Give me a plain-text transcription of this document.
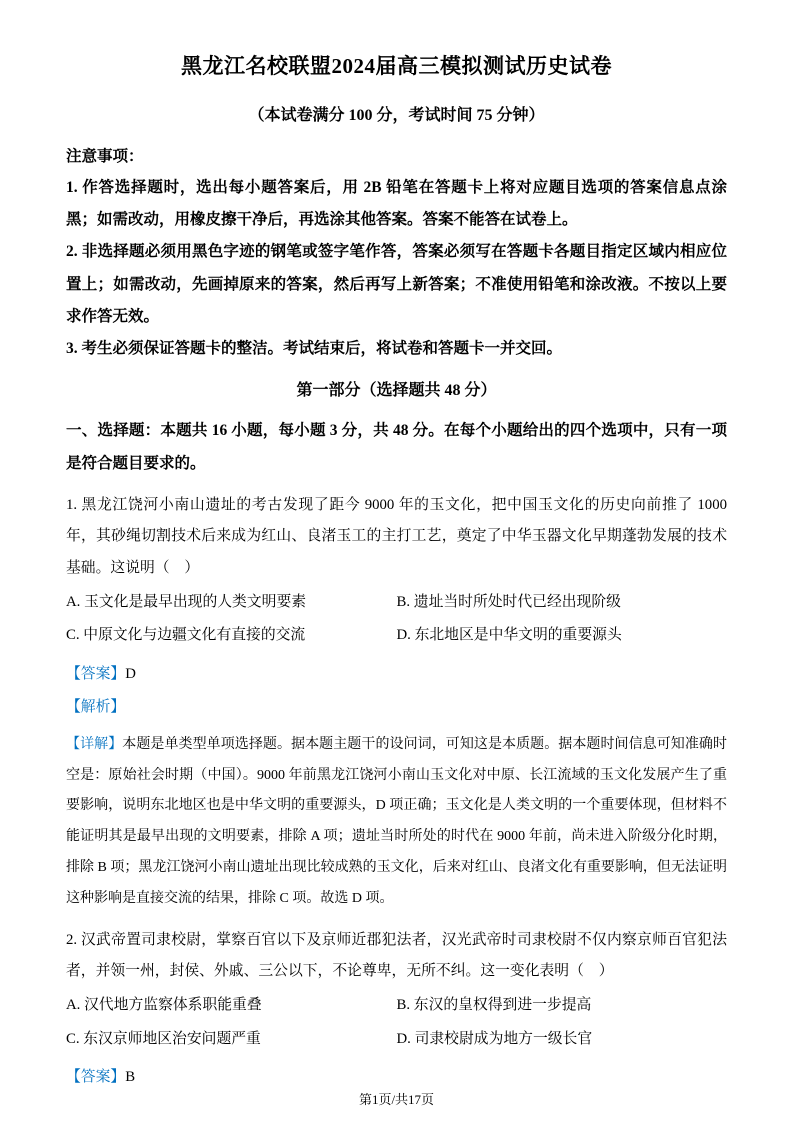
黑龙江名校联盟2024届高三模拟测试历史试卷
（本试卷满分 100 分，考试时间 75 分钟）

注意事项：

1. 作答选择题时，选出每小题答案后，用 2B 铅笔在答题卡上将对应题目选项的答案信息点涂黑；如需改动，用橡皮擦干净后，再选涂其他答案。答案不能答在试卷上。

2. 非选择题必须用黑色字迹的钢笔或签字笔作答，答案必须写在答题卡各题目指定区域内相应位置上；如需改动，先画掉原来的答案，然后再写上新答案；不准使用铅笔和涂改液。不按以上要求作答无效。

3. 考生必须保证答题卡的整洁。考试结束后，将试卷和答题卡一并交回。

第一部分（选择题共 48 分）

一、选择题：本题共 16 小题，每小题 3 分，共 48 分。在每个小题给出的四个选项中，只有一项是符合题目要求的。

1. 黑龙江饶河小南山遗址的考古发现了距今 9000 年的玉文化，把中国玉文化的历史向前推了 1000 年，其砂绳切割技术后来成为红山、良渚玉工的主打工艺，奠定了中华玉器文化早期蓬勃发展的技术基础。这说明（　）

A. 玉文化是最早出现的人类文明要素	B. 遗址当时所处时代已经出现阶级
C. 中原文化与边疆文化有直接的交流	D. 东北地区是中华文明的重要源头

【答案】D

【解析】

【详解】本题是单类型单项选择题。据本题主题干的设问词，可知这是本质题。据本题时间信息可知准确时空是：原始社会时期（中国）。9000 年前黑龙江饶河小南山玉文化对中原、长江流域的玉文化发展产生了重要影响，说明东北地区也是中华文明的重要源头，D 项正确；玉文化是人类文明的一个重要体现，但材料不能证明其是最早出现的文明要素，排除 A 项；遗址当时所处的时代在 9000 年前，尚未进入阶级分化时期，排除 B 项；黑龙江饶河小南山遗址出现比较成熟的玉文化，后来对红山、良渚文化有重要影响，但无法证明这种影响是直接交流的结果，排除 C 项。故选 D 项。

2. 汉武帝置司隶校尉，掌察百官以下及京师近郡犯法者，汉光武帝时司隶校尉不仅内察京师百官犯法者，并领一州，封侯、外戚、三公以下，不论尊卑，无所不纠。这一变化表明（　）

A. 汉代地方监察体系职能重叠	B. 东汉的皇权得到进一步提高
C. 东汉京师地区治安问题严重	D. 司隶校尉成为地方一级长官

【答案】B

第1页/共17页
